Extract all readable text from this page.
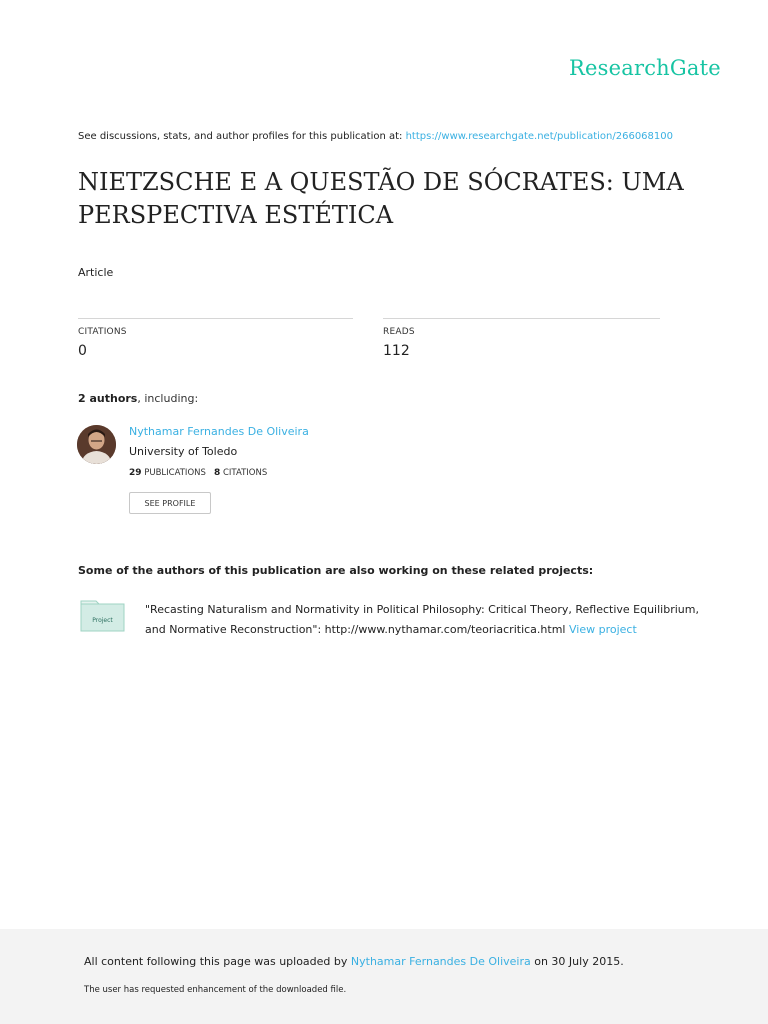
ResearchGate
See discussions, stats, and author profiles for this publication at: https://www.researchgate.net/publication/266068100
NIETZSCHE E A QUESTÃO DE SÓCRATES: UMA
PERSPECTIVA ESTÉTICA
Article
CITATIONS
0
READS
112
2 authors, including:
Nythamar Fernandes De Oliveira
University of Toledo
29 PUBLICATIONS 8 CITATIONS
SEE PROFILE
Some of the authors of this publication are also working on these related projects:
Project
"Recasting Naturalism and Normativity in Political Philosophy: Critical Theory, Reflective Equilibrium,
and Normative Reconstruction": http://www.nythamar.com/teoriacritica.html View project
All content following this page was uploaded by Nythamar Fernandes De Oliveira on 30 July 2015.
The user has requested enhancement of the downloaded file.
